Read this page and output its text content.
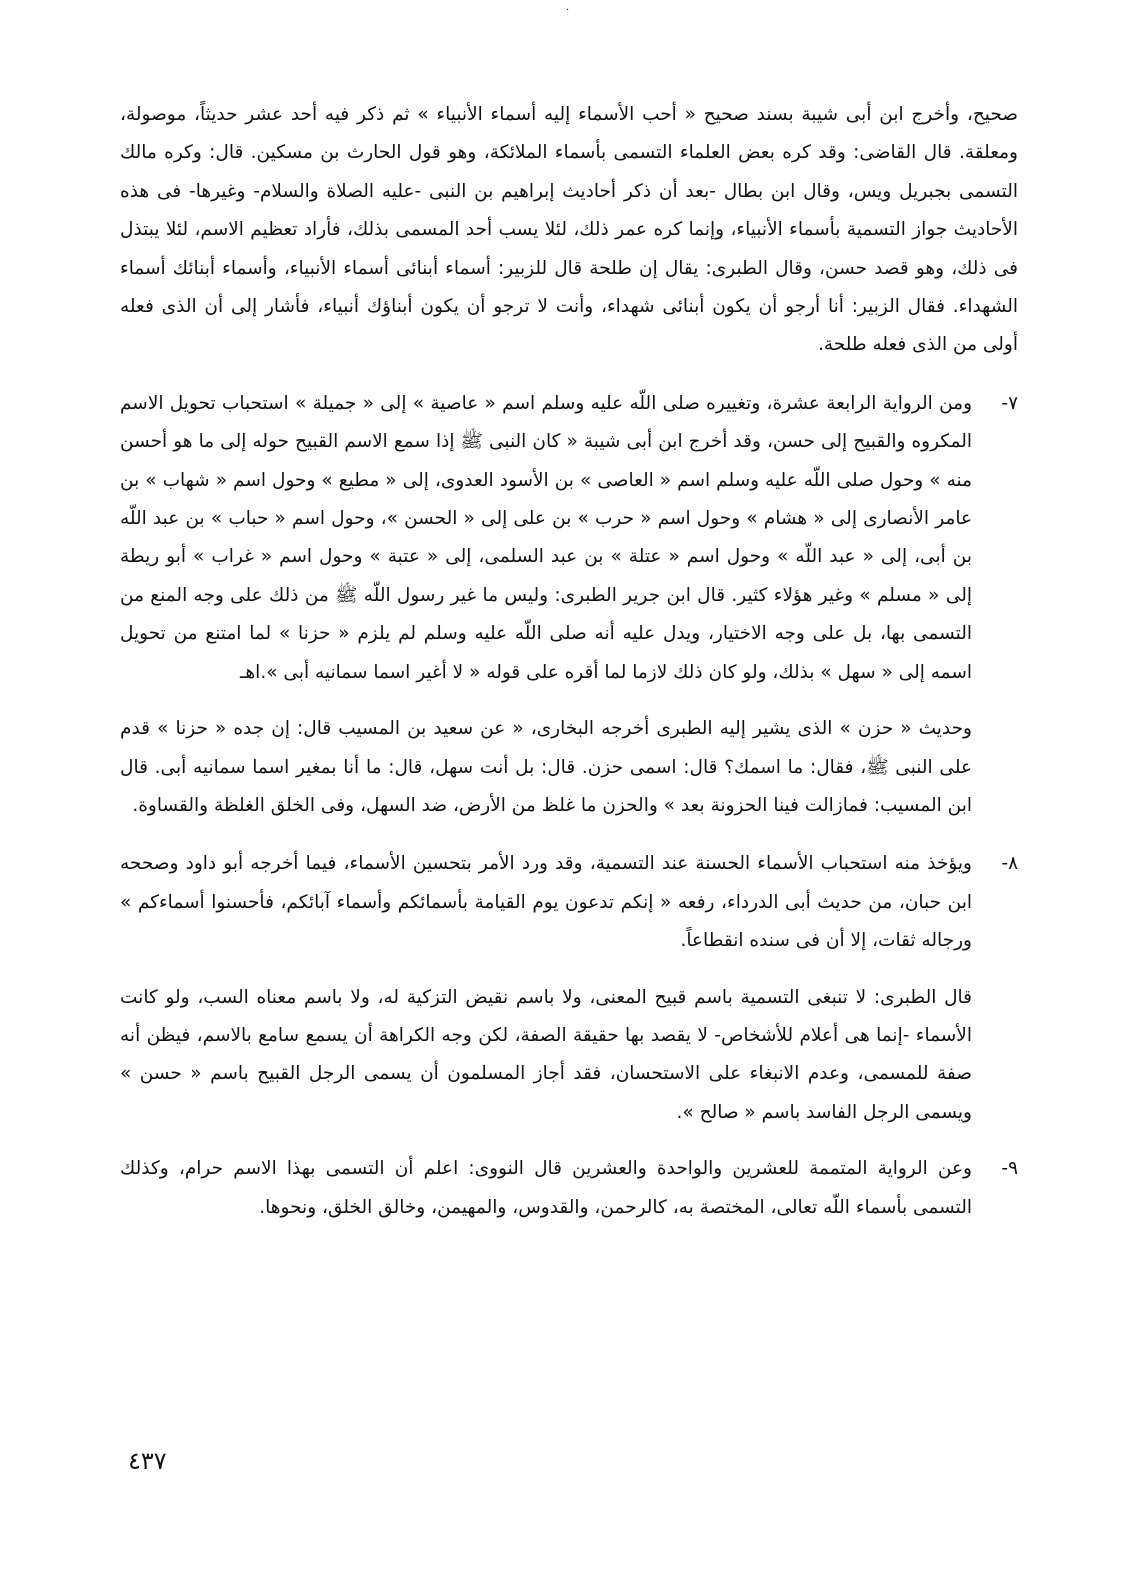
.

صحيح، وأخرج ابن أبى شيبة بسند صحيح « أحب الأسماء إليه أسماء الأنبياء » ثم ذكر فيه أحد عشر حديثاً، موصولة، ومعلقة. قال القاضى: وقد كره بعض العلماء التسمى بأسماء الملائكة، وهو قول الحارث بن مسكين. قال: وكره مالك التسمى بجبريل ويس، وقال ابن بطال -بعد أن ذكر أحاديث إبراهيم بن النبى -عليه الصلاة والسلام- وغيرها- فى هذه الأحاديث جواز التسمية بأسماء الأنبياء، وإنما كره عمر ذلك، لئلا يسب أحد المسمى بذلك، فأراد تعظيم الاسم، لئلا يبتذل فى ذلك، وهو قصد حسن، وقال الطبرى: يقال إن طلحة قال للزبير: أسماء أبنائى أسماء الأنبياء، وأسماء أبنائك أسماء الشهداء. فقال الزبير: أنا أرجو أن يكون أبنائى شهداء، وأنت لا ترجو أن يكون أبناؤك أنبياء، فأشار إلى أن الذى فعله أولى من الذى فعله طلحة.

٧-

ومن الرواية الرابعة عشرة، وتغييره صلى اللّه عليه وسلم اسم « عاصية » إلى « جميلة » استحباب تحويل الاسم المكروه والقبيح إلى حسن، وقد أخرج ابن أبى شيبة « كان النبى ﷺ إذا سمع الاسم القبيح حوله إلى ما هو أحسن منه » وحول صلى اللّه عليه وسلم اسم « العاصى » بن الأسود العدوى، إلى « مطيع » وحول اسم « شهاب » بن عامر الأنصارى إلى « هشام » وحول اسم « حرب » بن على إلى « الحسن »، وحول اسم « حباب » بن عبد اللّه بن أبى، إلى « عبد اللّه » وحول اسم « عتلة » بن عبد السلمى، إلى « عتبة » وحول اسم « غراب » أبو ريطة إلى « مسلم » وغير هؤلاء كثير. قال ابن جرير الطبرى: وليس ما غير رسول اللّه ﷺ من ذلك على وجه المنع من التسمى بها، بل على وجه الاختيار، ويدل عليه أنه صلى اللّه عليه وسلم لم يلزم « حزنا » لما امتنع من تحويل اسمه إلى « سهل » بذلك، ولو كان ذلك لازما لما أقره على قوله « لا أغير اسما سمانيه أبى ».اهـ

وحديث « حزن » الذى يشير إليه الطبرى أخرجه البخارى، « عن سعيد بن المسيب قال: إن جده « حزنا » قدم على النبى ﷺ، فقال: ما اسمك؟ قال: اسمى حزن. قال: بل أنت سهل، قال: ما أنا بمغير اسما سمانيه أبى. قال ابن المسيب: فمازالت فينا الحزونة بعد » والحزن ما غلظ من الأرض، ضد السهل، وفى الخلق الغلظة والقساوة.

٨-

ويؤخذ منه استحباب الأسماء الحسنة عند التسمية، وقد ورد الأمر بتحسين الأسماء، فيما أخرجه أبو داود وصححه ابن حبان، من حديث أبى الدرداء، رفعه « إنكم تدعون يوم القيامة بأسمائكم وأسماء آبائكم، فأحسنوا أسماءكم » ورجاله ثقات، إلا أن فى سنده انقطاعاً.

قال الطبرى: لا تنبغى التسمية باسم قبيح المعنى، ولا باسم نقيض التزكية له، ولا باسم معناه السب، ولو كانت الأسماء -إنما هى أعلام للأشخاص- لا يقصد بها حقيقة الصفة، لكن وجه الكراهة أن يسمع سامع بالاسم، فيظن أنه صفة للمسمى، وعدم الانبغاء على الاستحسان، فقد أجاز المسلمون أن يسمى الرجل القبيح باسم « حسن » ويسمى الرجل الفاسد باسم « صالح ».

٩-

وعن الرواية المتممة للعشرين والواحدة والعشرين قال النووى: اعلم أن التسمى بهذا الاسم حرام، وكذلك التسمى بأسماء اللّه تعالى، المختصة به، كالرحمن، والقدوس، والمهيمن، وخالق الخلق، ونحوها.

٤٣٧
